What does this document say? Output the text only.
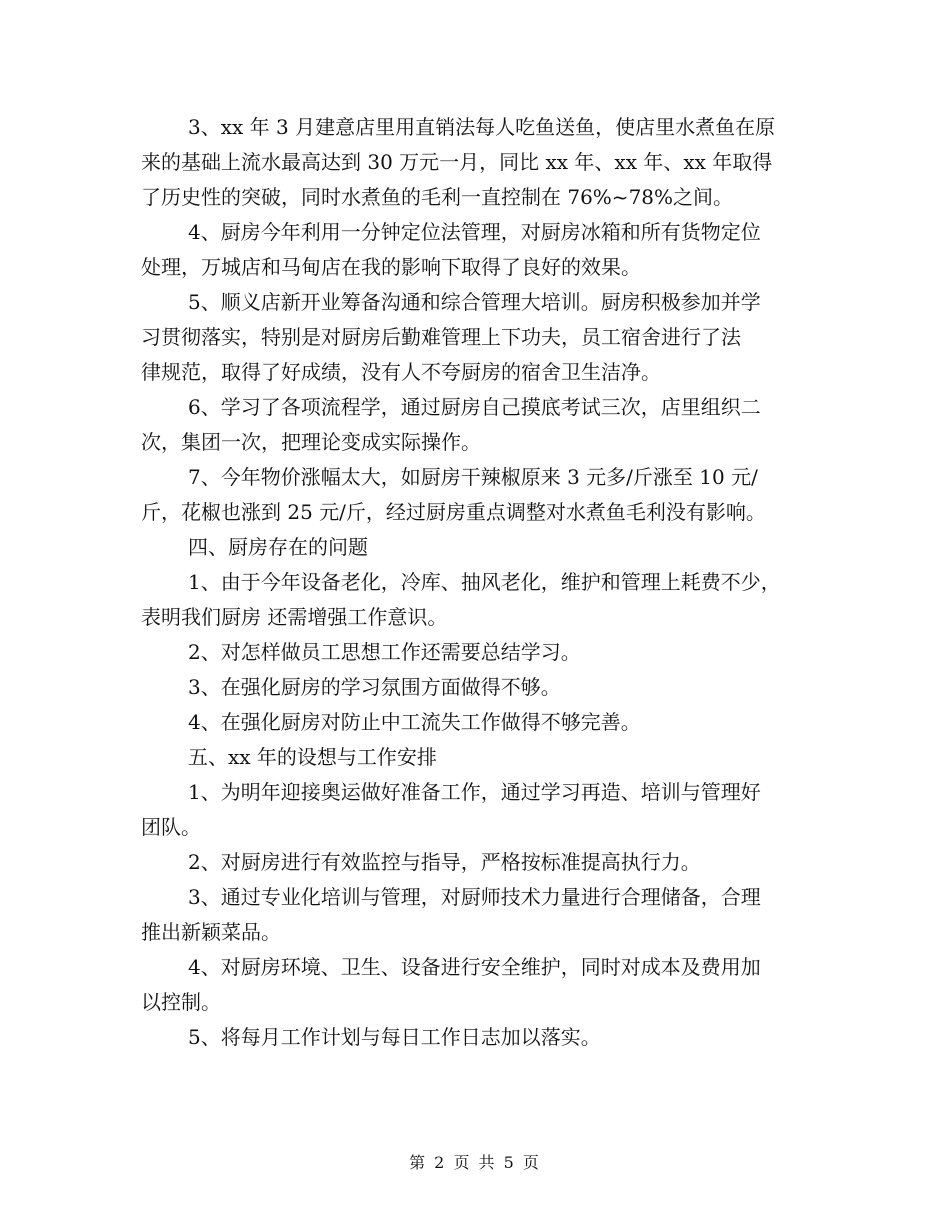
3、xx 年 3 月建意店里用直销法每人吃鱼送鱼，使店里水煮鱼在原
来的基础上流水最高达到 30 万元一月，同比 xx 年、xx 年、xx 年取得
了历史性的突破，同时水煮鱼的毛利一直控制在 76%~78%之间。
4、厨房今年利用一分钟定位法管理，对厨房冰箱和所有货物定位
处理，万城店和马甸店在我的影响下取得了良好的效果。
5、顺义店新开业筹备沟通和综合管理大培训。厨房积极参加并学
习贯彻落实，特别是对厨房后勤难管理上下功夫，员工宿舍进行了法
律规范，取得了好成绩，没有人不夸厨房的宿舍卫生洁净。
6、学习了各项流程学，通过厨房自己摸底考试三次，店里组织二
次，集团一次，把理论变成实际操作。
7、今年物价涨幅太大，如厨房干辣椒原来 3 元多/斤涨至 10 元/
斤，花椒也涨到 25 元/斤，经过厨房重点调整对水煮鱼毛利没有影响。
四、厨房存在的问题
1、由于今年设备老化，冷库、抽风老化，维护和管理上耗费不少，
表明我们厨房 还需增强工作意识。
2、对怎样做员工思想工作还需要总结学习。
3、在强化厨房的学习氛围方面做得不够。
4、在强化厨房对防止中工流失工作做得不够完善。
五、xx 年的设想与工作安排
1、为明年迎接奥运做好准备工作，通过学习再造、培训与管理好
团队。
2、对厨房进行有效监控与指导，严格按标准提高执行力。
3、通过专业化培训与管理，对厨师技术力量进行合理储备，合理
推出新颖菜品。
4、对厨房环境、卫生、设备进行安全维护，同时对成本及费用加
以控制。
5、将每月工作计划与每日工作日志加以落实。
第 2 页 共 5 页
